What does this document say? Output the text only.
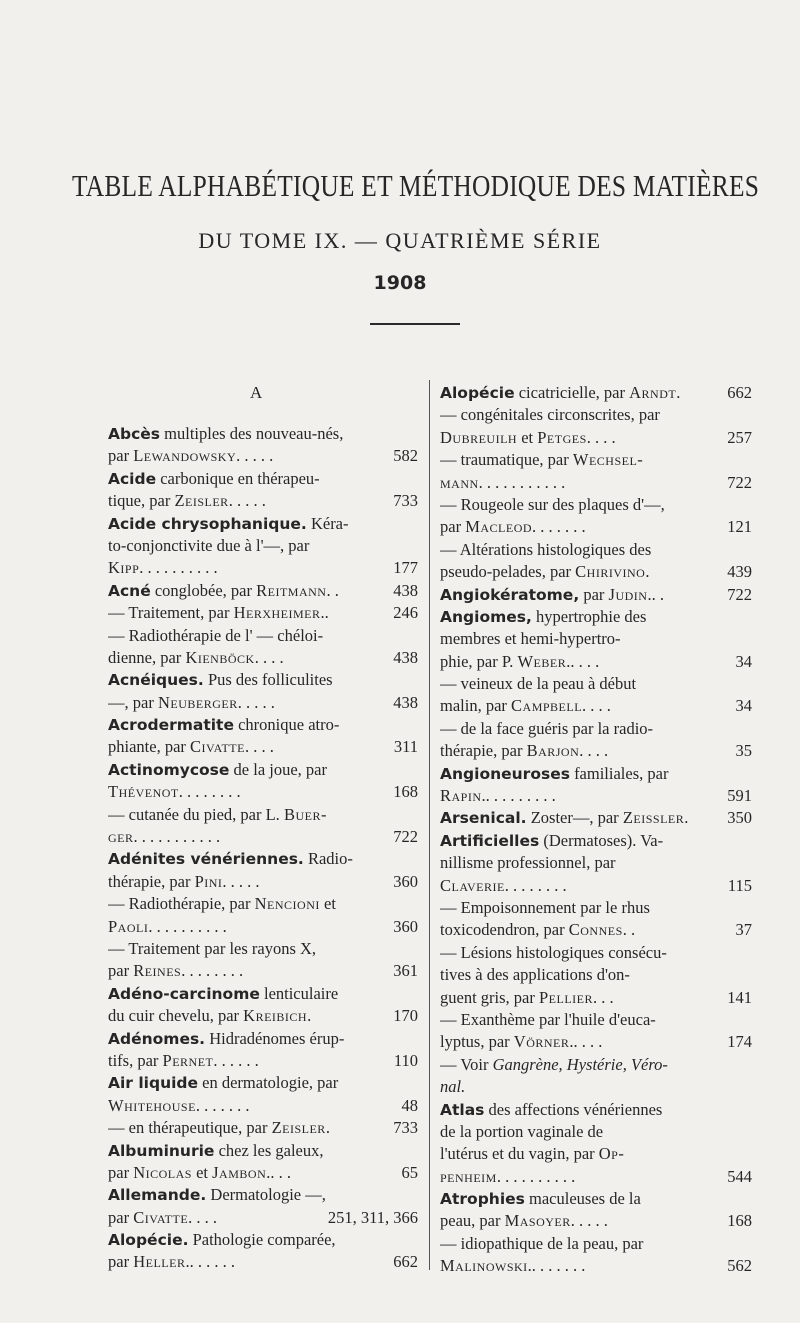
TABLE ALPHABÉTIQUE ET MÉTHODIQUE DES MATIÈRES
DU TOME IX. — QUATRIÈME SÉRIE
1908
A
Abcès multiples des nouveau-nés,
par Lewandowsky. . . . .	582
Acide carbonique en thérapeu-
tique, par Zeisler. . . . .	733
Acide chrysophanique. Kéra-
to-conjonctivite due à l'—, par
Kipp. . . . . . . . . .	177
Acné conglobée, par Reitmann. .	438
— Traitement, par Herxheimer..	246
— Radiothérapie de l' — chéloi-
dienne, par Kienböck. . . .	438
Acnéiques. Pus des folliculites
—, par Neuberger. . . . .	438
Acrodermatite chronique atro-
phiante, par Civatte. . . .	311
Actinomycose de la joue, par
Thévenot. . . . . . . .	168
— cutanée du pied, par L. Buer-
ger. . . . . . . . . . .	722
Adénites vénériennes. Radio-
thérapie, par Pini. . . . .	360
— Radiothérapie, par Nencioni et
Paoli. . . . . . . . . .	360
— Traitement par les rayons X,
par Reines. . . . . . . .	361
Adéno-carcinome lenticulaire
du cuir chevelu, par Kreibich.	170
Adénomes. Hidradénomes érup-
tifs, par Pernet. . . . . .	110
Air liquide en dermatologie, par
Whitehouse. . . . . . .	48
— en thérapeutique, par Zeisler.	733
Albuminurie chez les galeux,
par Nicolas et Jambon.. . .	65
Allemande. Dermatologie —,
par Civatte. . . .	251, 311, 366
Alopécie. Pathologie comparée,
par Heller.. . . . . .	662
Alopécie cicatricielle, par Arndt.	662
— congénitales circonscrites, par
Dubreuilh et Petges. . . .	257
— traumatique, par Wechsel-
mann. . . . . . . . . . .	722
— Rougeole sur des plaques d'—,
par Macleod. . . . . . .	121
— Altérations histologiques des
pseudo-pelades, par Chirivino.	439
Angiokératome, par Judin.. .	722
Angiomes, hypertrophie des
membres et hemi-hypertro-
phie, par P. Weber.. . . .	34
— veineux de la peau à début
malin, par Campbell. . . .	34
— de la face guéris par la radio-
thérapie, par Barjon. . . .	35
Angioneuroses familiales, par
Rapin.. . . . . . . . .	591
Arsenical. Zoster—, par Zeissler.	350
Artificielles (Dermatoses). Va-
nillisme professionnel, par
Claverie. . . . . . . .	115
— Empoisonnement par le rhus
toxicodendron, par Connes. .	37
— Lésions histologiques consécu-
tives à des applications d'on-
guent gris, par Pellier. . .	141
— Exanthème par l'huile d'euca-
lyptus, par Vörner.. . . .	174
— Voir Gangrène, Hystérie, Véro-
nal.
Atlas des affections vénériennes
de la portion vaginale de
l'utérus et du vagin, par Op-
penheim. . . . . . . . . .	544
Atrophies maculeuses de la
peau, par Masoyer. . . . .	168
— idiopathique de la peau, par
Malinowski.. . . . . . .	562
